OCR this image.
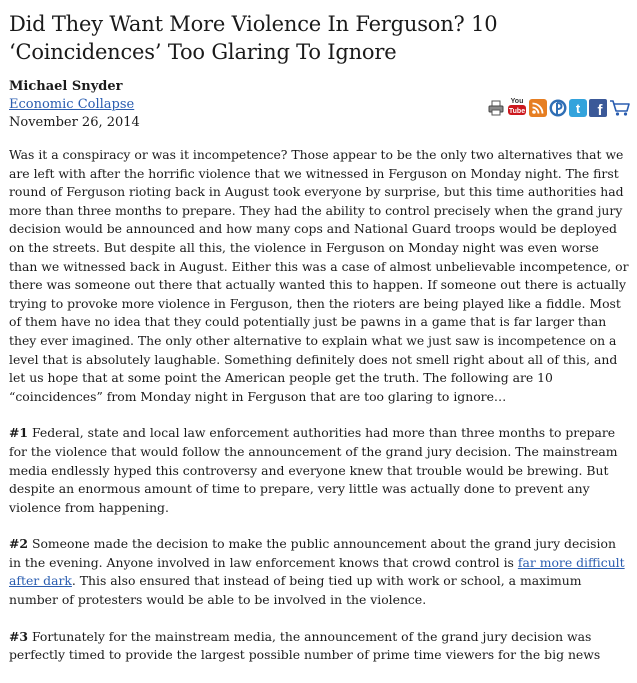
Did They Want More Violence In Ferguson? 10 ‘Coincidences’ Too Glaring To Ignore
Michael Snyder
Economic Collapse
November 26, 2014

Was it a conspiracy or was it incompetence? Those appear to be the only two alternatives that we are left with after the horrific violence that we witnessed in Ferguson on Monday night. The first round of Ferguson rioting back in August took everyone by surprise, but this time authorities had more than three months to prepare. They had the ability to control precisely when the grand jury decision would be announced and how many cops and National Guard troops would be deployed on the streets. But despite all this, the violence in Ferguson on Monday night was even worse than we witnessed back in August. Either this was a case of almost unbelievable incompetence, or there was someone out there that actually wanted this to happen. If someone out there is actually trying to provoke more violence in Ferguson, then the rioters are being played like a fiddle. Most of them have no idea that they could potentially just be pawns in a game that is far larger than they ever imagined. The only other alternative to explain what we just saw is incompetence on a level that is absolutely laughable. Something definitely does not smell right about all of this, and let us hope that at some point the American people get the truth. The following are 10 “coincidences” from Monday night in Ferguson that are too glaring to ignore…

#1 Federal, state and local law enforcement authorities had more than three months to prepare for the violence that would follow the announcement of the grand jury decision. The mainstream media endlessly hyped this controversy and everyone knew that trouble would be brewing. But despite an enormous amount of time to prepare, very little was actually done to prevent any violence from happening.

#2 Someone made the decision to make the public announcement about the grand jury decision in the evening. Anyone involved in law enforcement knows that crowd control is far more difficult after dark. This also ensured that instead of being tied up with work or school, a maximum number of protesters would be able to be involved in the violence.

#3 Fortunately for the mainstream media, the announcement of the grand jury decision was perfectly timed to provide the largest possible number of prime time viewers for the big news

You
Tube	t f
